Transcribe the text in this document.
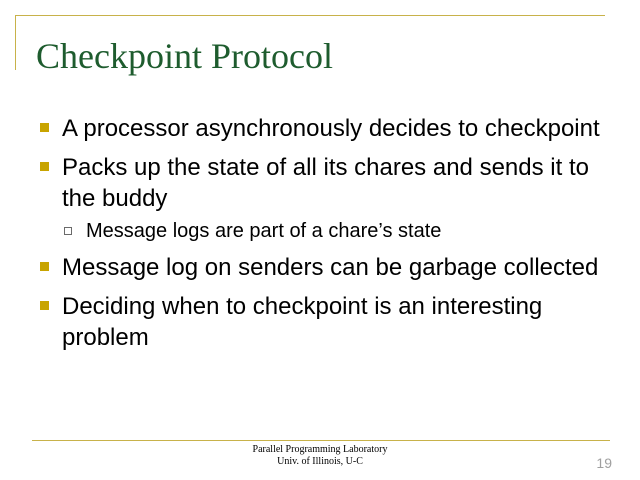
Checkpoint Protocol
A processor asynchronously decides to checkpoint
Packs up the state of all its chares and sends it to the buddy
Message logs are part of a chare’s state
Message log on senders can be garbage collected
Deciding when to checkpoint is an interesting problem
Parallel Programming Laboratory
Univ. of Illinois, U-C	19
